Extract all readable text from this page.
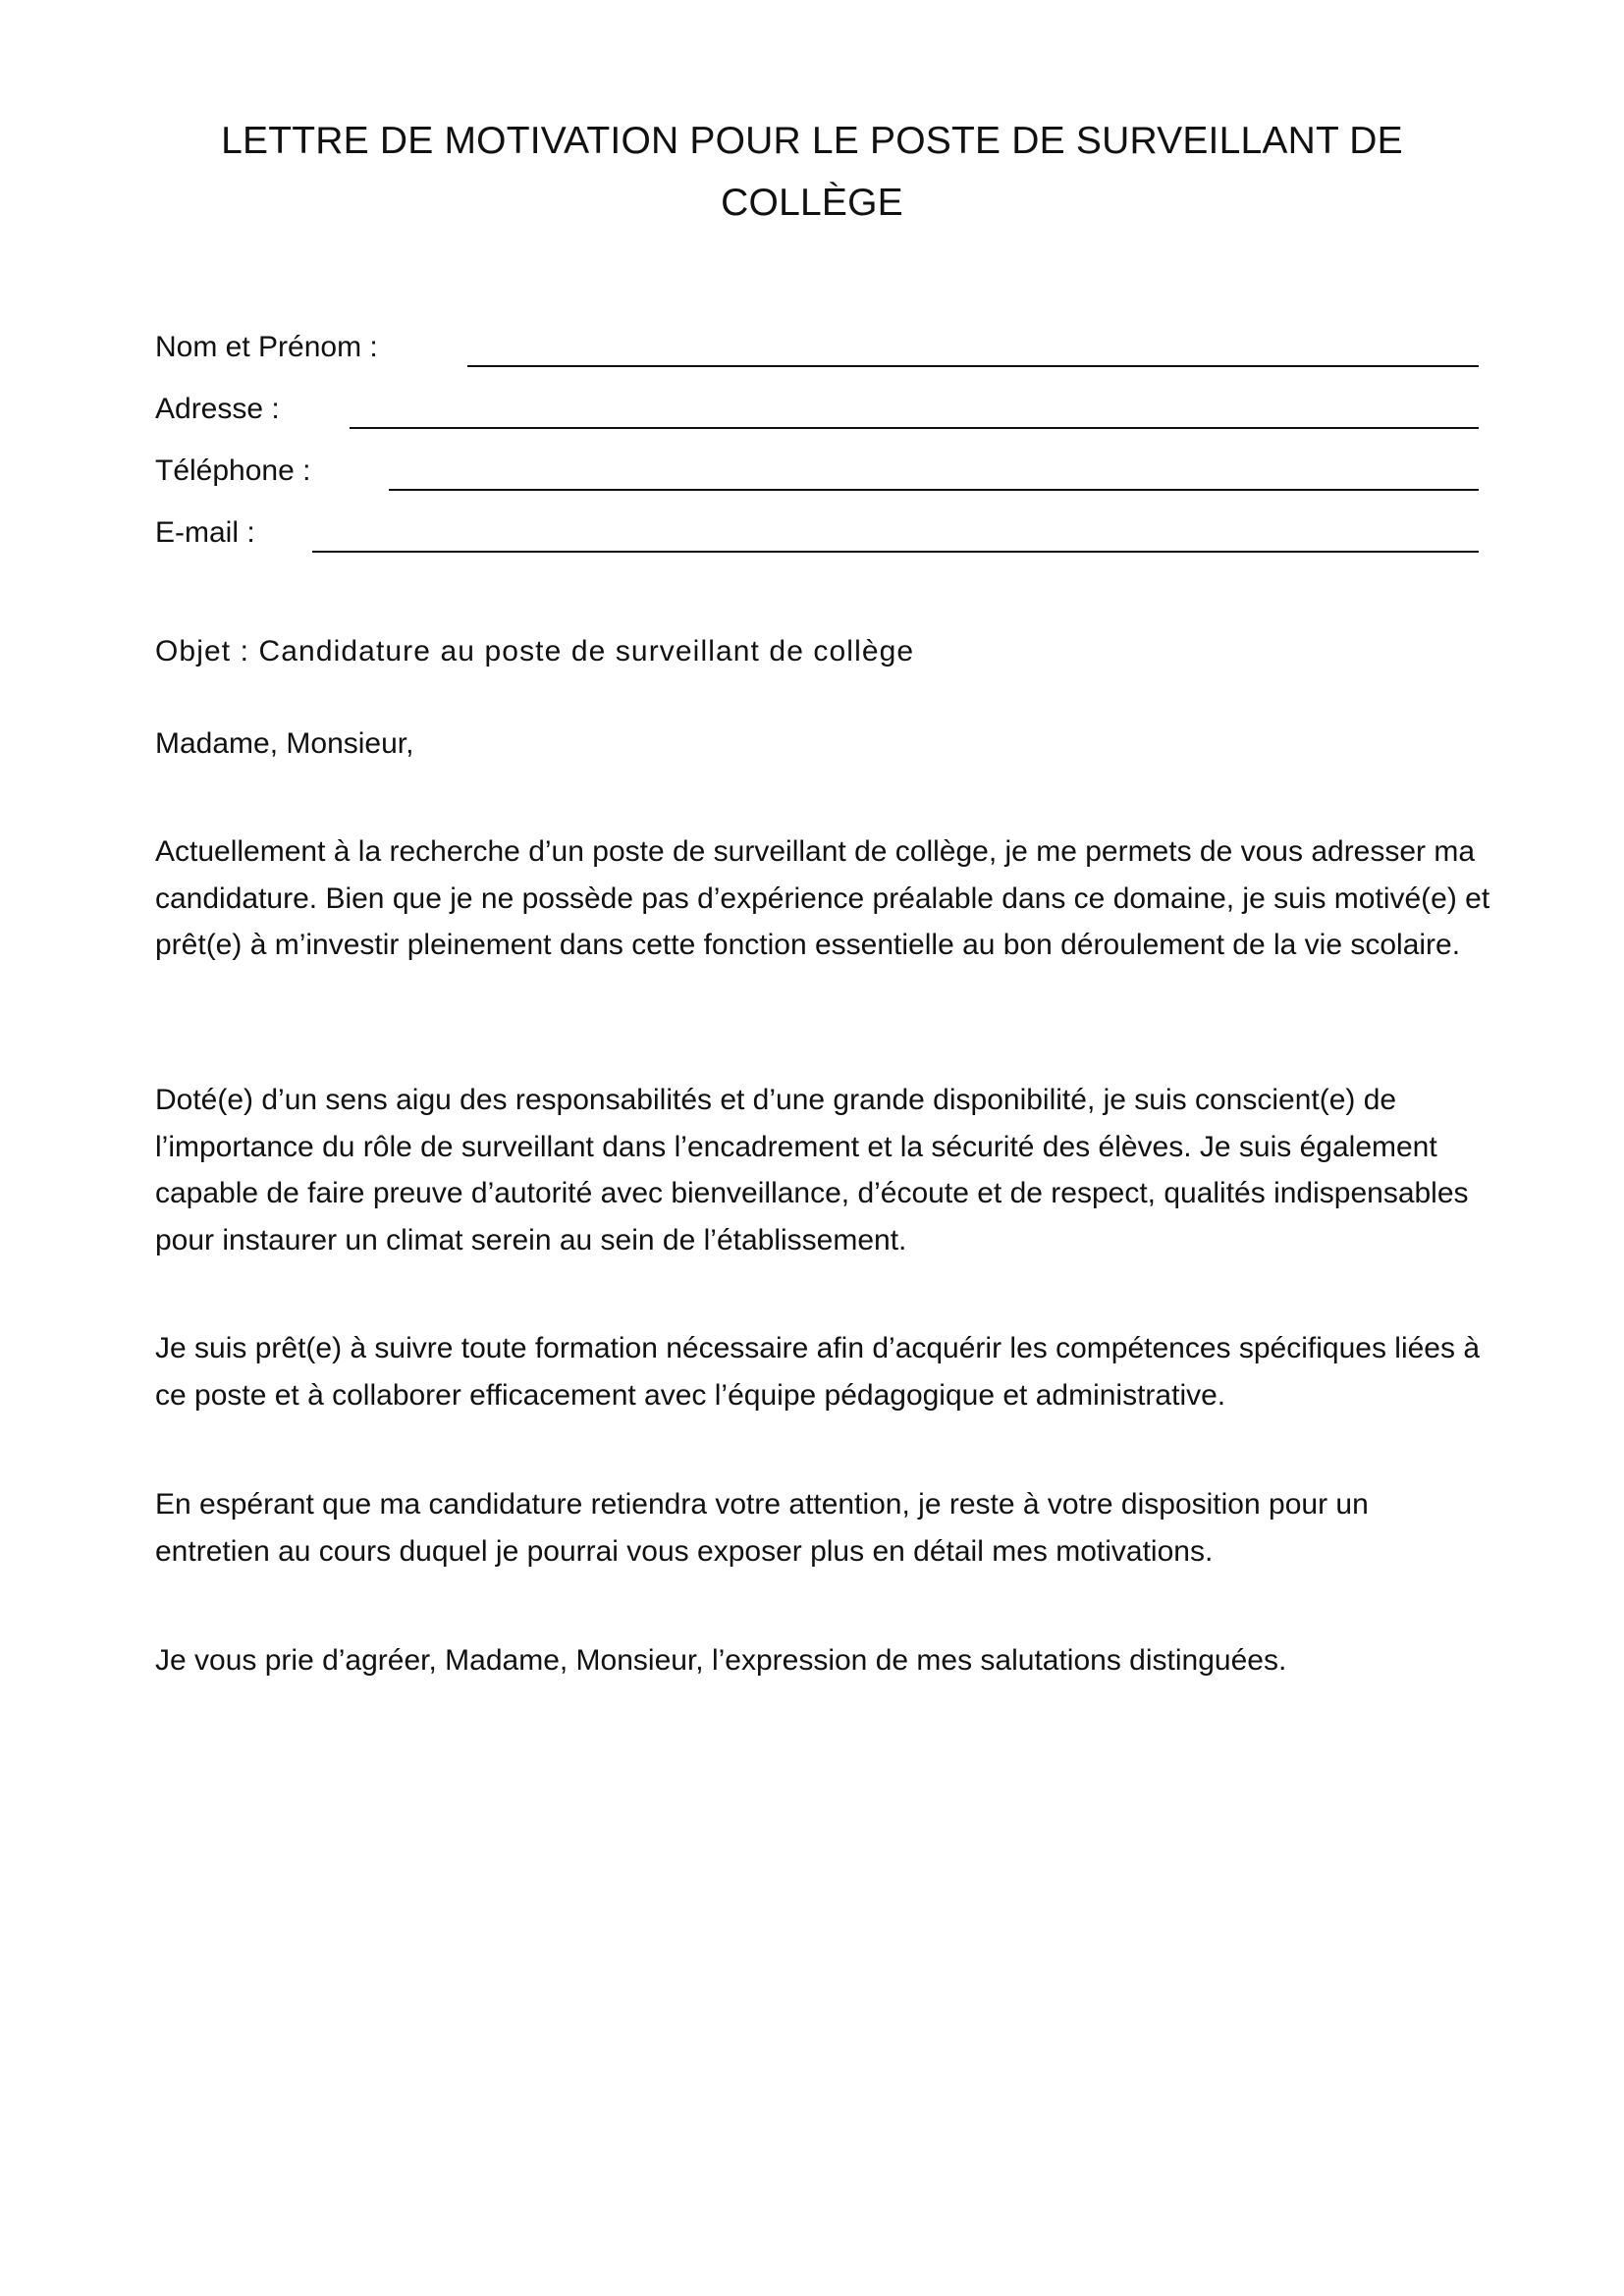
LETTRE DE MOTIVATION POUR LE POSTE DE SURVEILLANT DE
COLLÈGE
Nom et Prénom :
Adresse :
Téléphone :
E-mail :
Objet : Candidature au poste de surveillant de collège
Madame, Monsieur,
Actuellement à la recherche d’un poste de surveillant de collège, je me permets de vous adresser ma candidature. Bien que je ne possède pas d’expérience préalable dans ce domaine, je suis motivé(e) et prêt(e) à m’investir pleinement dans cette fonction essentielle au bon déroulement de la vie scolaire.
Doté(e) d’un sens aigu des responsabilités et d’une grande disponibilité, je suis conscient(e) de l’importance du rôle de surveillant dans l’encadrement et la sécurité des élèves. Je suis également capable de faire preuve d’autorité avec bienveillance, d’écoute et de respect, qualités indispensables pour instaurer un climat serein au sein de l’établissement.
Je suis prêt(e) à suivre toute formation nécessaire afin d’acquérir les compétences spécifiques liées à ce poste et à collaborer efficacement avec l’équipe pédagogique et administrative.
En espérant que ma candidature retiendra votre attention, je reste à votre disposition pour un entretien au cours duquel je pourrai vous exposer plus en détail mes motivations.
Je vous prie d’agréer, Madame, Monsieur, l’expression de mes salutations distinguées.
